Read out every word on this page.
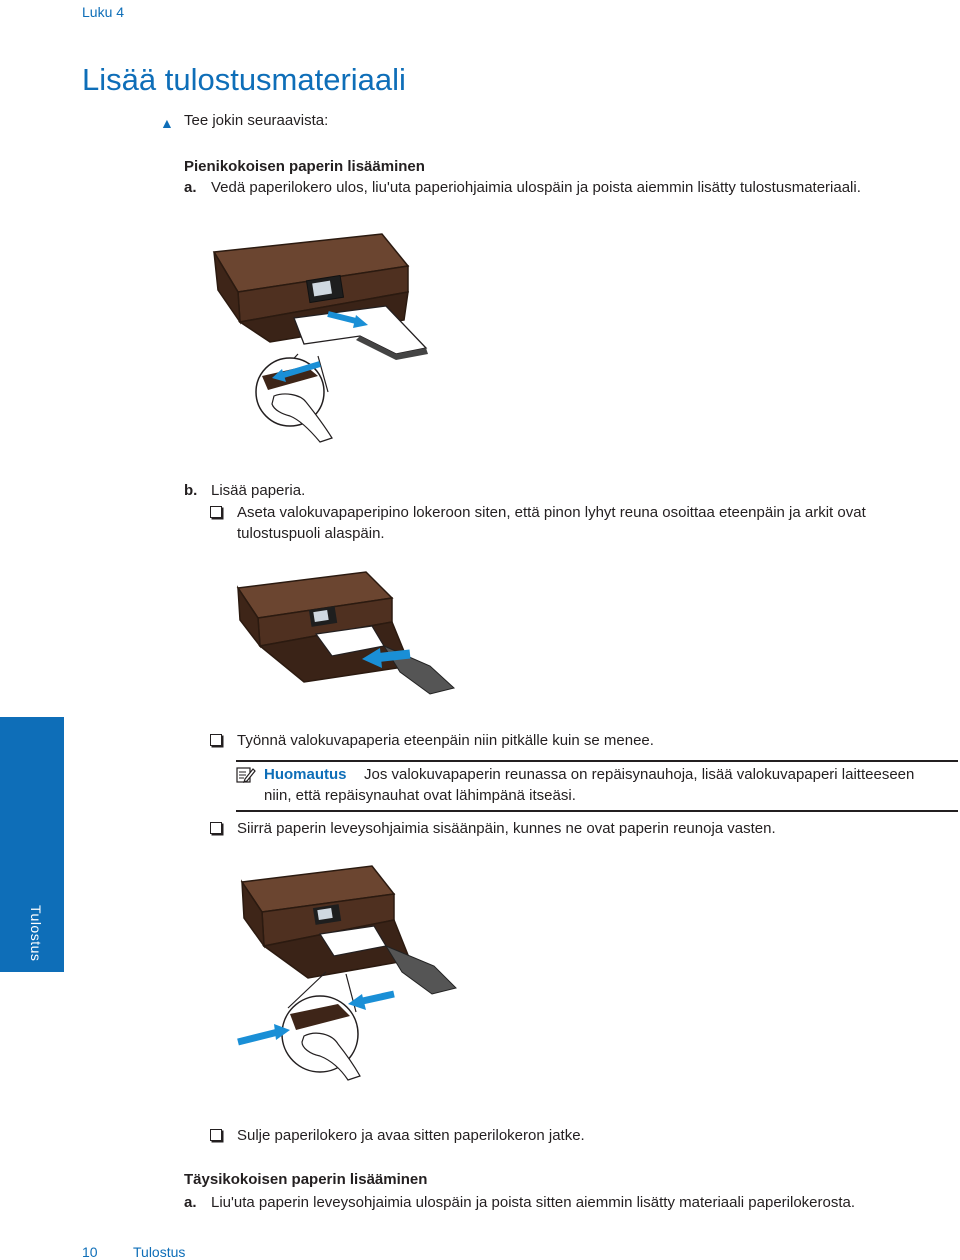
Luku 4
Lisää tulostusmateriaali
▲ Tee jokin seuraavista:
Pienikokoisen paperin lisääminen
a. Vedä paperilokero ulos, liu'uta paperiohjaimia ulospäin ja poista aiemmin lisätty tulostusmateriaali.
b. Lisää paperia.
Aseta valokuvapaperipino lokeroon siten, että pinon lyhyt reuna osoittaa eteenpäin ja arkit ovat
tulostuspuoli alaspäin.
Tulostus
Työnnä valokuvapaperia eteenpäin niin pitkälle kuin se menee.
Huomautus Jos valokuvapaperin reunassa on repäisynauhoja, lisää valokuvapaperi laitteeseen
niin, että repäisynauhat ovat lähimpänä itseäsi.
Siirrä paperin leveysohjaimia sisäänpäin, kunnes ne ovat paperin reunoja vasten.
Sulje paperilokero ja avaa sitten paperilokeron jatke.
Täysikokoisen paperin lisääminen
a. Liu'uta paperin leveysohjaimia ulospäin ja poista sitten aiemmin lisätty materiaali paperilokerosta.
10	Tulostus
